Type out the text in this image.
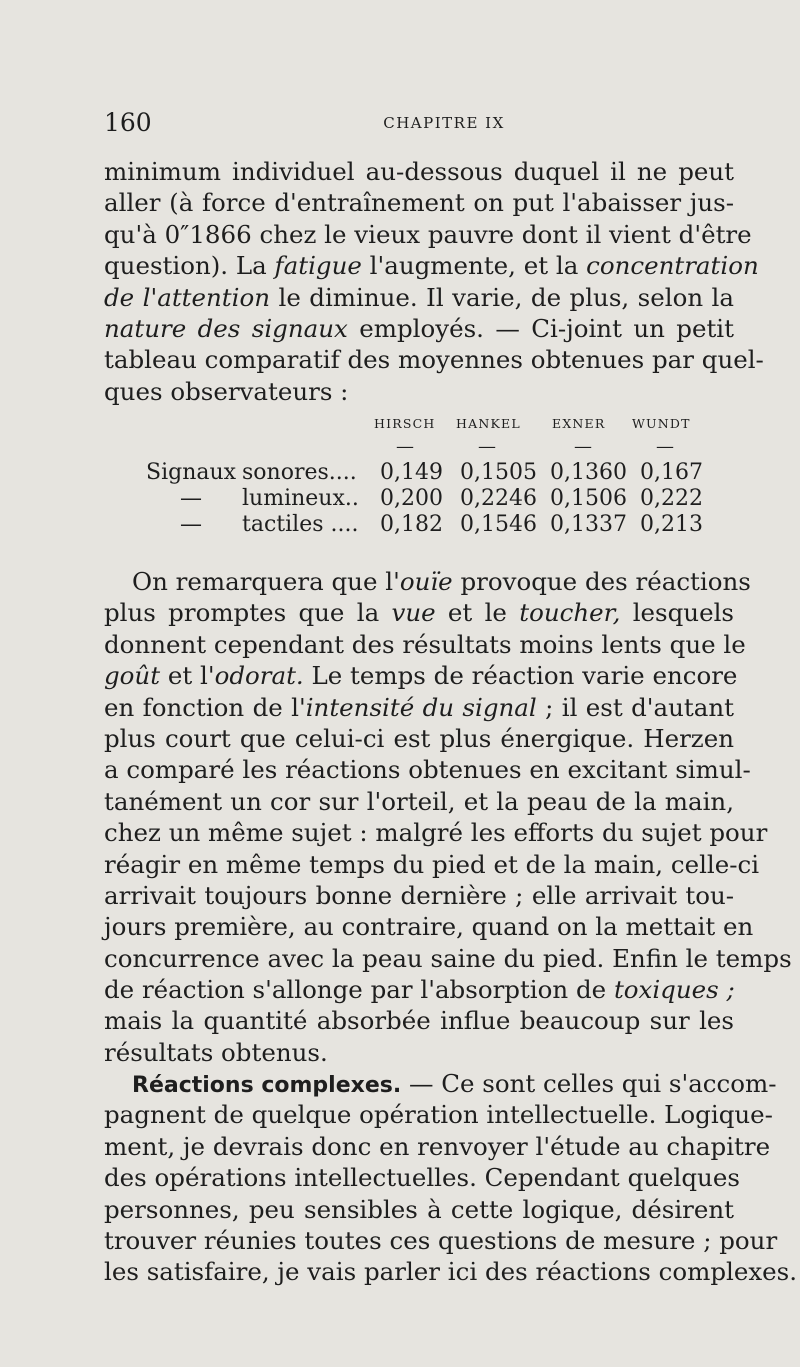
160	CHAPITRE IX
minimum individuel au-dessous duquel il ne peut
aller (à force d'entraînement on put l'abaisser jus-
qu'à 0″1866 chez le vieux pauvre dont il vient d'être
question). La fatigue l'augmente, et la concentration
de l'attention le diminue. Il varie, de plus, selon la
nature des signaux employés. — Ci-joint un petit
tableau comparatif des moyennes obtenues par quel-
ques observateurs :
HIRSCH HANKEL EXNER WUNDT
—	—	—	—
Signaux sonores.... 0,149 0,1505 0,1360 0,167
— lumineux.. 0,200 0,2246 0,1506 0,222
— tactiles .... 0,182 0,1546 0,1337 0,213
On remarquera que l'ouïe provoque des réactions
plus promptes que la vue et le toucher, lesquels
donnent cependant des résultats moins lents que le
goût et l'odorat. Le temps de réaction varie encore
en fonction de l'intensité du signal ; il est d'autant
plus court que celui-ci est plus énergique. Herzen
a comparé les réactions obtenues en excitant simul-
tanément un cor sur l'orteil, et la peau de la main,
chez un même sujet : malgré les efforts du sujet pour
réagir en même temps du pied et de la main, celle-ci
arrivait toujours bonne dernière ; elle arrivait tou-
jours première, au contraire, quand on la mettait en
concurrence avec la peau saine du pied. Enfin le temps
de réaction s'allonge par l'absorption de toxiques ;
mais la quantité absorbée influe beaucoup sur les
résultats obtenus.
Réactions complexes. — Ce sont celles qui s'accom-
pagnent de quelque opération intellectuelle. Logique-
ment, je devrais donc en renvoyer l'étude au chapitre
des opérations intellectuelles. Cependant quelques
personnes, peu sensibles à cette logique, désirent
trouver réunies toutes ces questions de mesure ; pour
les satisfaire, je vais parler ici des réactions complexes.
